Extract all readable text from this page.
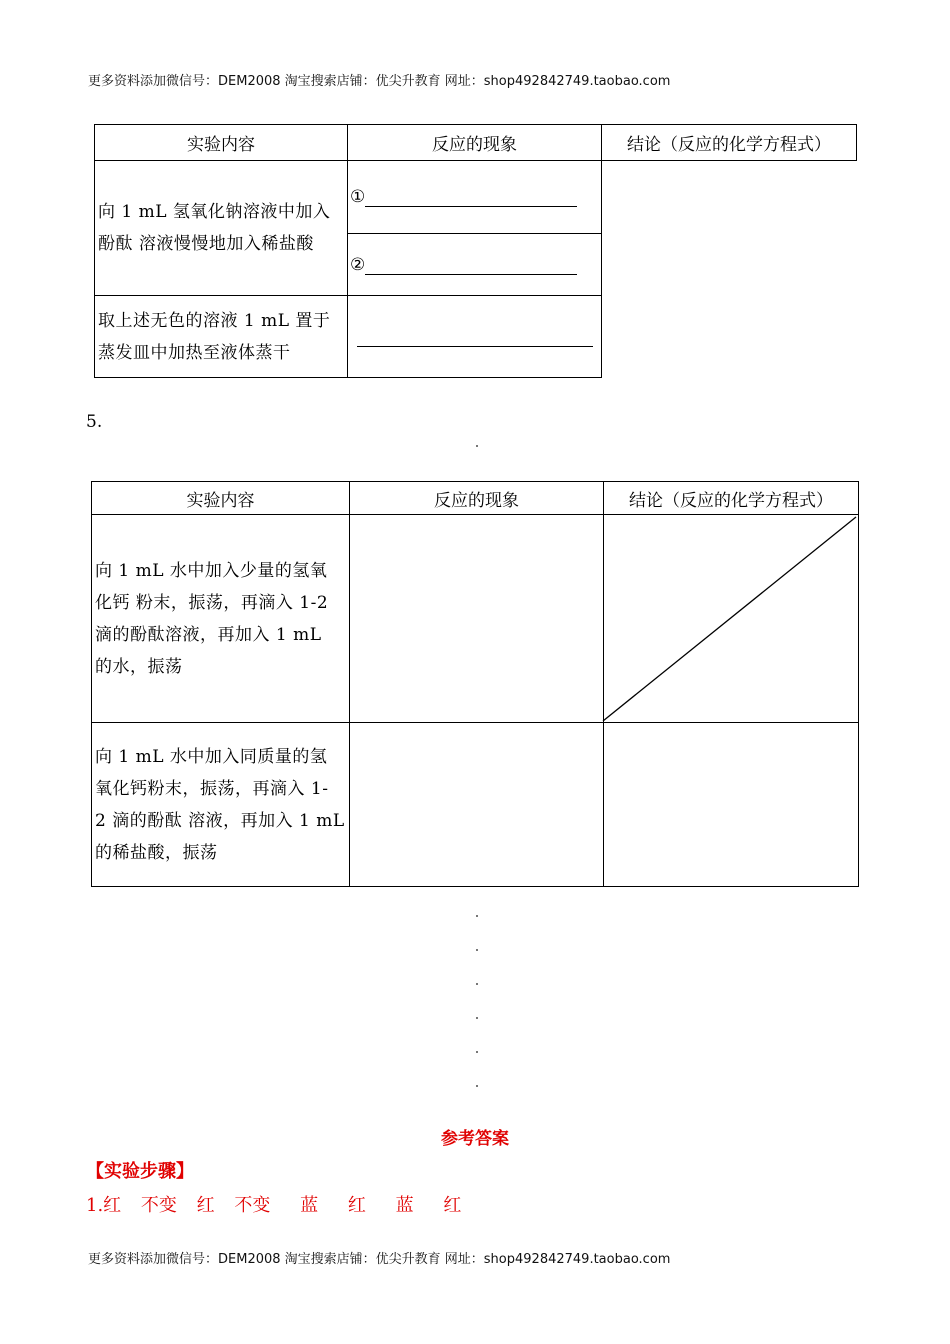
更多资料添加微信号：DEM2008 淘宝搜索店铺：优尖升教育 网址：shop492842749.taobao.com
实验内容	反应的现象	结论（反应的化学方程式）

向 1 mL 氢氧化钠溶液中加入
酚酞 溶液慢慢地加入稀盐酸	①	
	②	

取上述无色的溶液 1 mL 置于
蒸发皿中加热至液体蒸干		

5.
实验内容	反应的现象	结论（反应的化学方程式）

向 1 mL 水中加入少量的氢氧
化钙 粉末，振荡，再滴入 1-2
滴的酚酞溶液，再加入 1 mL
的水，振荡		

向 1 mL 水中加入同质量的氢
氧化钙粉末，振荡，再滴入 1-
2 滴的酚酞 溶液，再加入 1 mL
的稀盐酸，振荡		

参考答案
【实验步骤】
1.红 不变 红 不变 蓝 红 蓝 红
更多资料添加微信号：DEM2008 淘宝搜索店铺：优尖升教育 网址：shop492842749.taobao.com
